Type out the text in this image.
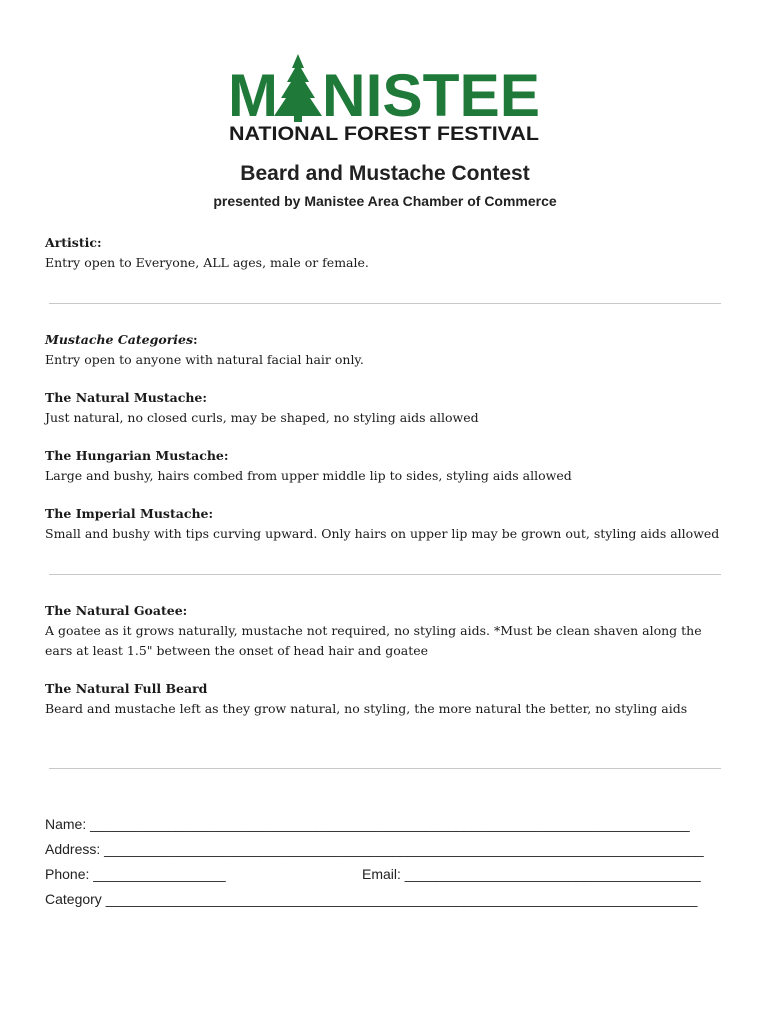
M NISTEE
NATIONAL FOREST FESTIVAL
Beard and Mustache Contest
presented by Manistee Area Chamber of Commerce
Artistic:
Entry open to Everyone, ALL ages, male or female.
Mustache Categories:
Entry open to anyone with natural facial hair only.
The Natural Mustache:
Just natural, no closed curls, may be shaped, no styling aids allowed
The Hungarian Mustache:
Large and bushy, hairs combed from upper middle lip to sides, styling aids allowed
The Imperial Mustache:
Small and bushy with tips curving upward. Only hairs on upper lip may be grown out, styling aids allowed
The Natural Goatee:
A goatee as it grows naturally, mustache not required, no styling aids. *Must be clean shaven along the ears at least 1.5" between the onset of head hair and goatee
The Natural Full Beard
Beard and mustache left as they grow natural, no styling, the more natural the better, no styling aids
Name: _____________________________________________________________________________
Address: _____________________________________________________________________________
Phone: _________________	Email: ______________________________________
Category ____________________________________________________________________________
